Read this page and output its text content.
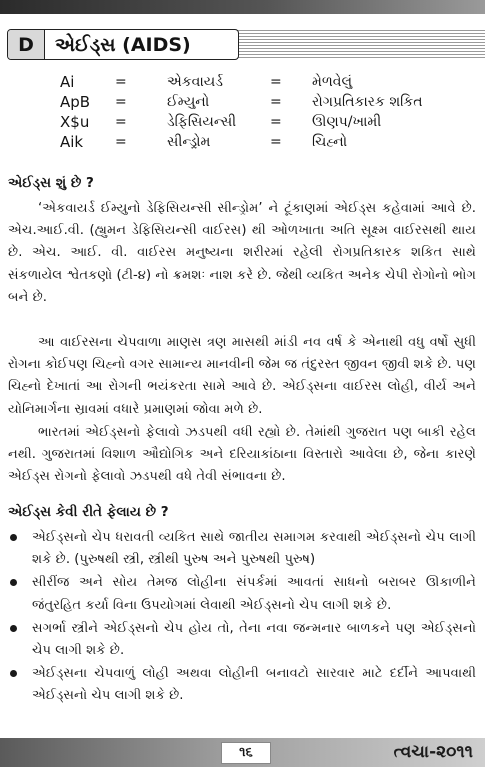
D	એઈડ્સ (AIDS)
Ai	=	એકવાયર્ડ	=	મેળવેલું
ApB	=	ઈમ્યુનો	=	રોગપ્રતિકારક શકિત
X$u	=	ડેફિસિયન્સી	=	ઊણપ/ખામી
Aik	=	સીન્ડ્રોમ	=	ચિહ્નો
એઈડ્સ શું છે ?

‘એકવાયર્ડ ઈમ્યુનો ડેફિસિયન્સી સીન્ડ્રોમ’ ને ટૂંકાણમાં એઈડ્સ કહેવામાં આવે છે. એચ.આઈ.વી. (હ્યુમન ડેફિસિયન્સી વાઈરસ) થી ઓળખાતા અતિ સૂક્ષ્મ વાઈરસથી થાય છે. એચ. આઈ. વી. વાઈરસ મનુષ્યના શરીરમાં રહેલી રોગપ્રતિકારક શકિત સાથે સંકળાયેલ શ્વેતકણો (ટી-૪) નો ક્રમશઃ નાશ કરે છે. જેથી વ્યકિત અનેક ચેપી રોગોનો ભોગ બને છે.

આ વાઈરસના ચેપવાળા માણસ ત્રણ માસથી માંડી નવ વર્ષ કે એનાથી વધુ વર્ષો સુધી રોગના કોઈપણ ચિહ્નો વગર સામાન્ય માનવીની જેમ જ તંદુરસ્ત જીવન જીવી શકે છે. પણ ચિહ્નો દેખાતાં આ રોગની ભયંકરતા સામે આવે છે. એઈડ્સના વાઈરસ લોહી, વીર્ય અને યોનિમાર્ગના સ્રાવમાં વધારે પ્રમાણમાં જોવા મળે છે.

ભારતમાં એઈડ્સનો ફેલાવો ઝડપથી વધી રહ્યો છે. તેમાંથી ગુજરાત પણ બાકી રહેલ નથી. ગુજરાતમાં વિશાળ ઔદ્યોગિક અને દરિયાકાંઠાના વિસ્તારો આવેલા છે, જેના કારણે એઈડ્સ રોગનો ફેલાવો ઝડપથી વધે તેવી સંભાવના છે.

એઈડ્સ કેવી રીતે ફેલાય છે ?
એઈડ્સનો ચેપ ધરાવતી વ્યકિત સાથે જાતીય સમાગમ કરવાથી એઈડ્સનો ચેપ લાગી શકે છે. (પુરુષથી સ્ત્રી, સ્ત્રીથી પુરુષ અને પુરુષથી પુરુષ)
સીરીંજ અને સોય તેમજ લોહીના સંપર્કમાં આવતાં સાધનો બરાબર ઊકાળીને જંતુરહિત કર્યા વિના ઉપયોગમાં લેવાથી એઈડ્સનો ચેપ લાગી શકે છે.
સગર્ભા સ્ત્રીને એઈડ્સનો ચેપ હોય તો, તેના નવા જન્મનાર બાળકને પણ એઈડ્સનો ચેપ લાગી શકે છે.
એઈડ્સના ચેપવાળું લોહી અથવા લોહીની બનાવટો સારવાર માટે દર્દીને આપવાથી એઈડ્સનો ચેપ લાગી શકે છે.
૧૬	ત્વચા-૨૦૧૧
